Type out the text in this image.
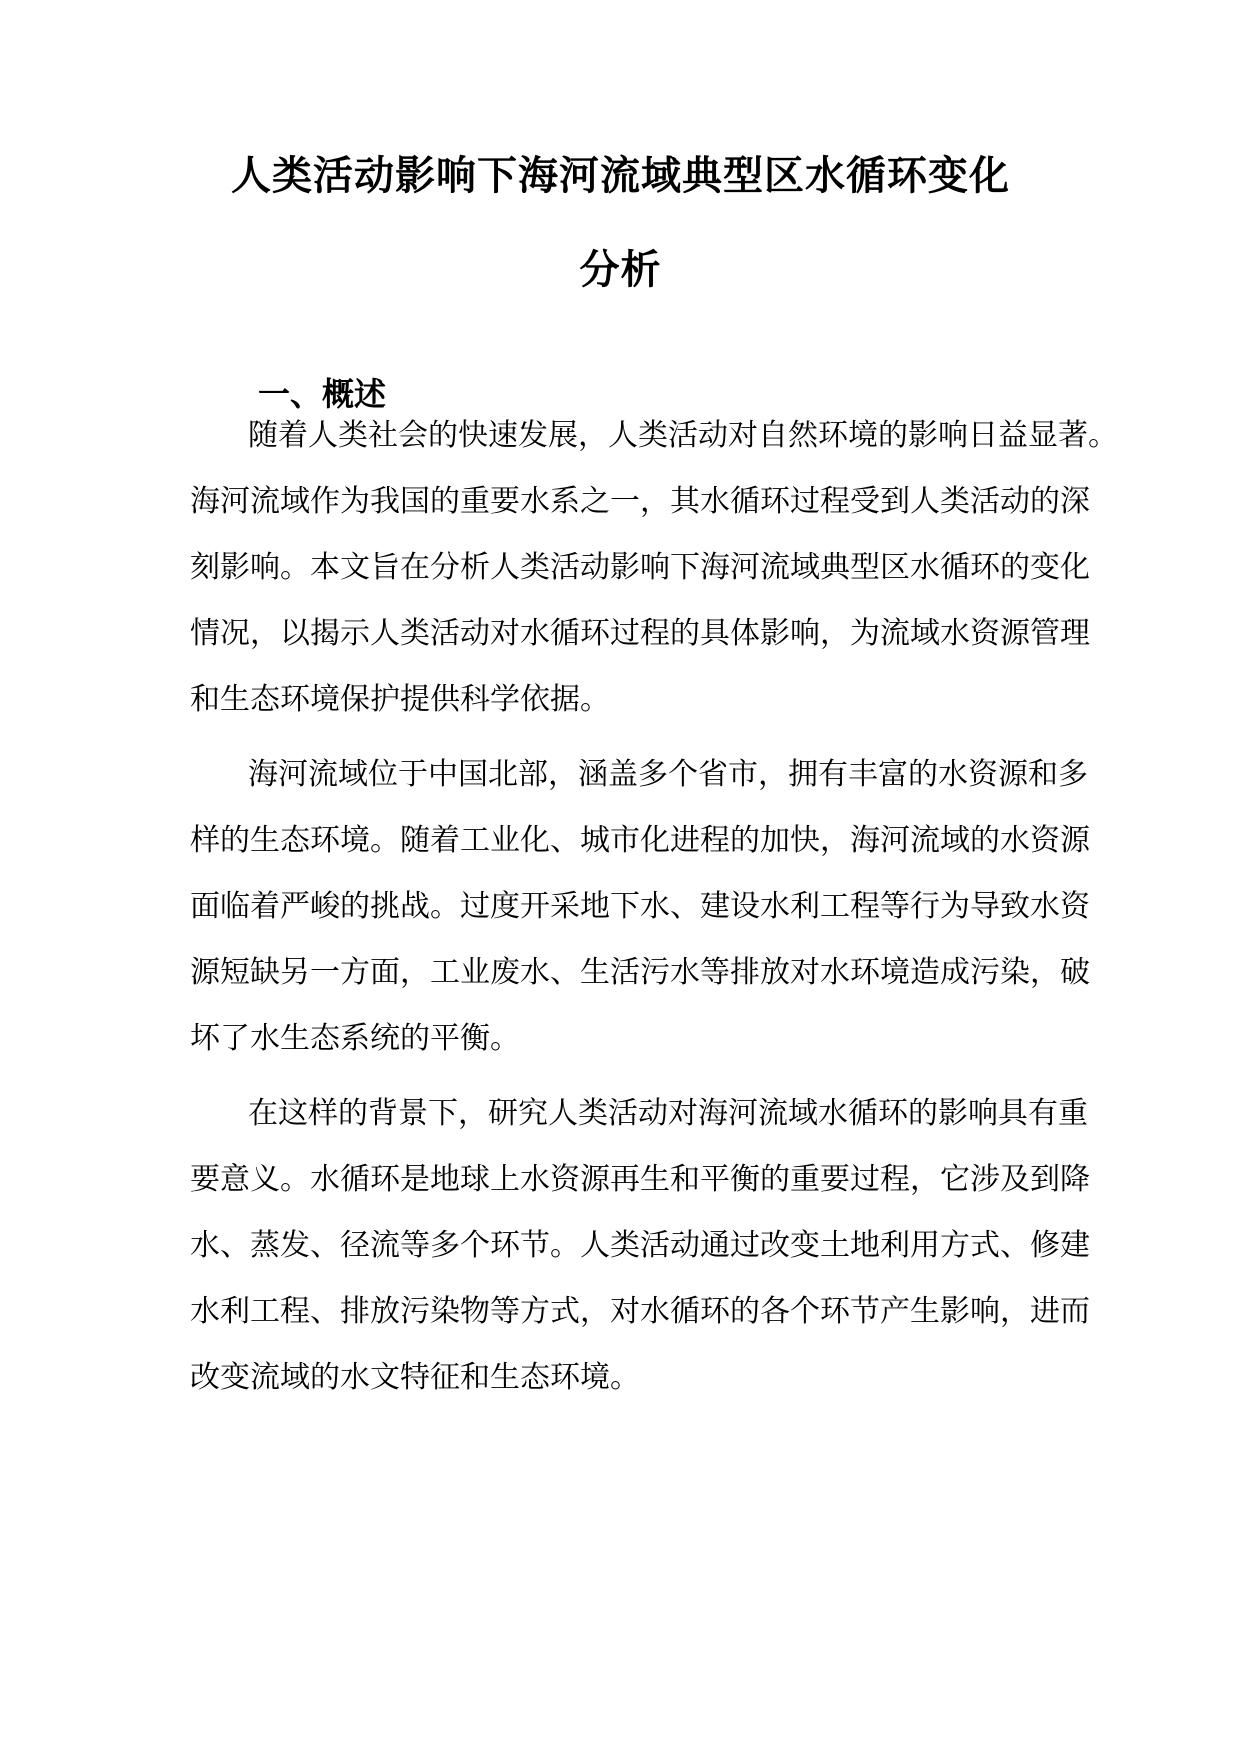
人类活动影响下海河流域典型区水循环变化
分析
一、概述
随着人类社会的快速发展，人类活动对自然环境的影响日益显著。
海河流域作为我国的重要水系之一，其水循环过程受到人类活动的深
刻影响。本文旨在分析人类活动影响下海河流域典型区水循环的变化
情况，以揭示人类活动对水循环过程的具体影响，为流域水资源管理
和生态环境保护提供科学依据。
海河流域位于中国北部，涵盖多个省市，拥有丰富的水资源和多
样的生态环境。随着工业化、城市化进程的加快，海河流域的水资源
面临着严峻的挑战。过度开采地下水、建设水利工程等行为导致水资
源短缺另一方面，工业废水、生活污水等排放对水环境造成污染，破
坏了水生态系统的平衡。
在这样的背景下，研究人类活动对海河流域水循环的影响具有重
要意义。水循环是地球上水资源再生和平衡的重要过程，它涉及到降
水、蒸发、径流等多个环节。人类活动通过改变土地利用方式、修建
水利工程、排放污染物等方式，对水循环的各个环节产生影响，进而
改变流域的水文特征和生态环境。
